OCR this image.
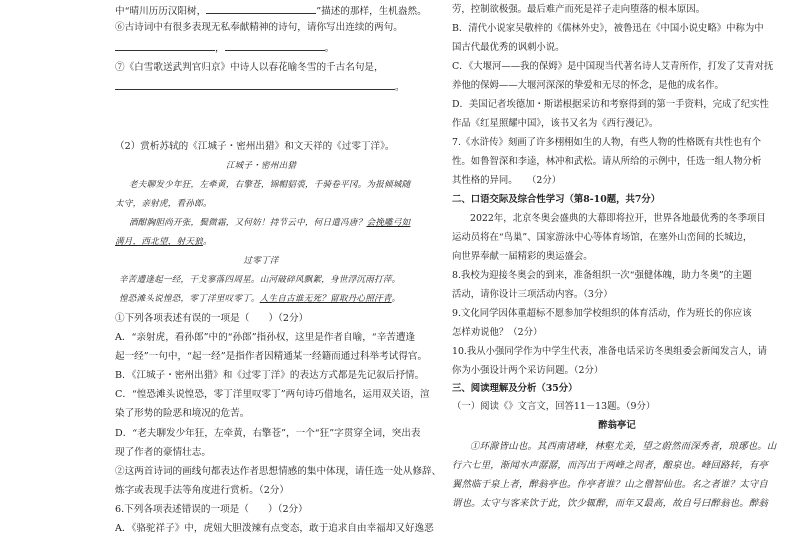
中“晴川历历汉阳树，	”描述的那样，生机盎然。
⑥古诗词中有很多表现无私奉献精神的诗句，请你写出连续的两句。
，	。
⑦《白雪歌送武判官归京》中诗人以春花喻冬雪的千古名句是，
。
（2）赏析苏轼的《江城子・密州出猎》和文天祥的《过零丁洋》。
江城子・密州出猎
老夫聊发少年狂，左牵黄，右擎苍，锦帽貂裘，千骑卷平冈。为报倾城随
太守，亲射虎，看孙郎。
酒酣胸胆尚开张，鬓微霜，又何妨！持节云中，何日遣冯唐？会挽雕弓如
满月，西北望，射天狼。
过零丁洋
辛苦遭逢起一经，干戈寥落四周星。山河破碎风飘絮，身世浮沉雨打萍。
惶恐滩头说惶恐，零丁洋里叹零丁。人生自古谁无死？留取丹心照汗青。
①下列各项表述有误的一项是（　　）（2分）
A．“亲射虎，看孙郎”中的“孙郎”指孙权，这里是作者自喻，“辛苦遭逢
起一经”一句中，“起一经”是指作者因精通某一经籍而通过科举考试得官。
B．《江城子・密州出猎》和《过零丁洋》的表达方式都是先记叙后抒情。
C．“惶恐滩头说惶恐，零丁洋里叹零丁”两句诗巧借地名，运用双关语，渲
染了形势的险恶和境况的危苦。
D．“老夫聊发少年狂，左牵黄，右擎苍”，一个“狂”字贯穿全词，突出表
现了作者的豪情壮志。
②这两首诗词的画线句都表达作者思想情感的集中体现，请任选一处从修辞、
炼字或表现手法等角度进行赏析。（2分）
6.下列各项表述错误的一项是（　　）（2分）
A．《骆驼祥子》中，虎妞大胆泼辣有点变态，敢于追求自由幸福却又好逸恶
劳，控制欲极强。最后难产而死是祥子走向堕落的根本原因。
B．清代小说家吴敬梓的《儒林外史》，被鲁迅在《中国小说史略》中称为中
国古代最优秀的讽刺小说。
C．《大堰河——我的保姆》是中国现当代著名诗人艾青所作，打发了艾青对抚
养他的保姆——大堰河深深的挚爱和无尽的怀念，是他的成名作。
D．美国记者埃德加・斯诺根据采访和考察得到的第一手资料，完成了纪实性
作品《红星照耀中国》，该书又名为《西行漫记》。
7.《水浒传》刻画了许多栩栩如生的人物，有些人物的性格既有共性也有个
性。如鲁智深和李逵，林冲和武松。请从所给的示例中，任选一组人物分析
其性格的异同。　　（2分）
二、口语交际及综合性学习（第8-10题，共7分）
2022年，北京冬奥会盛典的大幕即将拉开，世界各地最优秀的冬季项目
运动员将在“鸟巢”、国家游泳中心等体育场馆，在塞外山峦间的长城边，
向世界奉献一届精彩的奥运盛会。
8.我校为迎接冬奥会的到来，准备组织一次“强健体魄，助力冬奥”的主题
活动，请你设计三项活动内容。（3分）
9.文化同学因体重超标不愿参加学校组织的体育活动，作为班长的你应该
怎样劝说他？（2分）
10.我从小强同学作为中学生代表，准备电话采访冬奥组委会新闻发言人，请
你为小强设计两个采访问题。（2分）
三、阅读理解及分析（35分）
（一）阅读《》文言文，回答11－13题。（9分）
醉翁亭记
①环滁皆山也。其西南诸峰，林壑尤美，望之蔚然而深秀者，琅琊也。山
行六七里，渐闻水声潺潺，而泻出于两峰之间者，酿泉也。峰回路转，有亭
翼然临于泉上者，醉翁亭也。作亭者谁？山之僧智仙也。名之者谁？太守自
谓也。太守与客来饮于此，饮少辄醉，而年又最高，故自号曰醉翁也。醉翁
